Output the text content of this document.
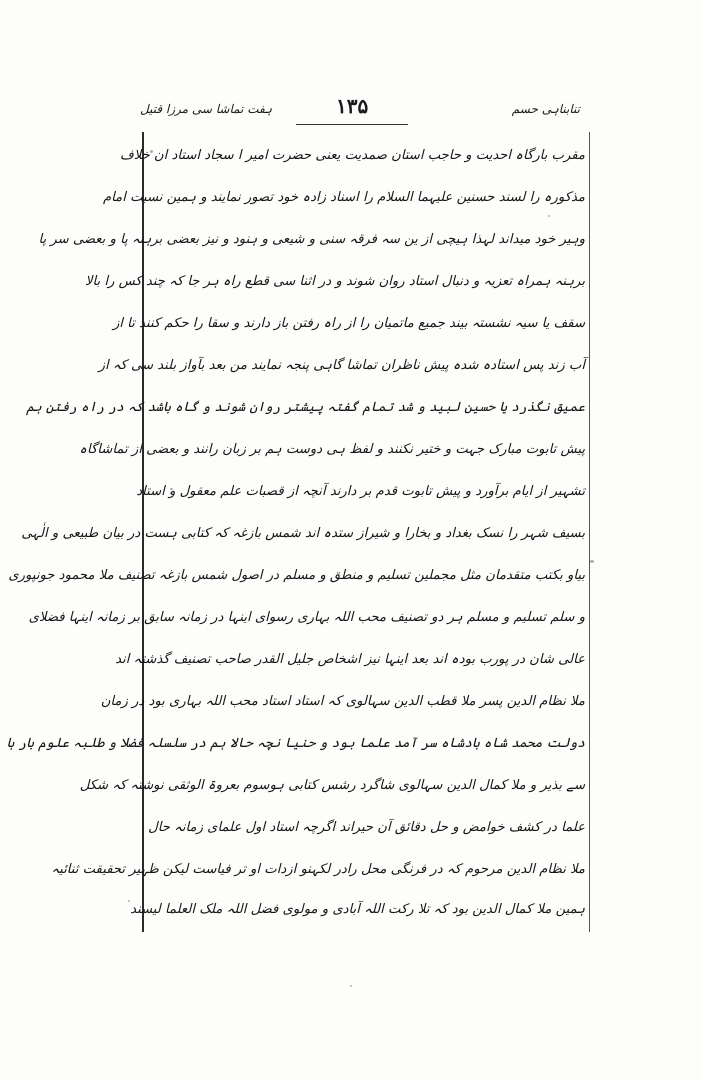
تنابناہی حسم
۱۳۵
ہفت تماشا سی مرزا قتیل
مقرب بارگاہ احدیت و حاجب استان صمدیت یعنی حضرت امیر ا سجاد استاد ان خلاف
مذکورہ را لسند حسنین علیہما السلام را اسناد زادہ خود تصور نمایند و ہمین نسبت امام
وہیر خود میداند لہذا ہیچی از ین سہ فرقہ سنی و شیعی و ہنود و نیز بعضی برہنہ پا و بعضی سر پا
برہنہ ہمراہ تعزیہ و دنبال استاد روان شوند و در اثنا سی قطع راہ ہر جا کہ چند کس را بالا
سقف یا سیہ نشستہ بیند جمیع ماتمیان را از راہ رفتن باز دارند و سقا را حکم کنند تا از
آب زند پس استادہ شدہ پیش ناظران تماشا گاہی پنجہ نمایند من بعد بآواز بلند سی کہ از
عمیق نگذرد یا حسین لبید و شد تمام گفتہ پیشتر روان شوند و گاہ باشد کہ در راہ رفتن ہم
پیش تابوت مبارک جہت و ختیر نکنند و لفظ ہی دوست ہم بر زبان رانند و بعضی از تماشاگاہ
تشہیر از ایام برآورد و پیش تابوت قدم بر دارند آنچہ از قصبات علم معقول و استاد
بسیف شہر را نسک بغداد و بخارا و شیراز ستدہ اند شمس بازغہ کہ کتابی ہست در بیان طبیعی و الٰہی
بیاو بکتب متقدمان مثل مجملین تسلیم و منطق و مسلم در اصول شمس بازغہ تصنیف ملا محمود جونپوری
و سلم تسلیم و مسلم ہر دو تصنیف محب اللہ بہاری رسوای اینہا در زمانہ سابق بر زمانہ اینہا فضلای
عالی شان در پورب بودہ اند بعد اینہا نیز اشخاص جلیل القدر صاحب تصنیف گذشتہ اند
ملا نظام الدین پسر ملا قطب الدین سہالوی کہ استاد استاد محب اللہ بہاری بود در زمان
دولت محمد شاہ بادشاہ سر آمد علما بود و حنیا نچہ حالا ہم در سلسلہ فضلا و طلبہ علوم بار ہا
سے بذیر و ملا کمال الدین سہالوی شاگرد رشس کتابی ہوسوم بعروۃ الوثقی نوشتہ کہ شکل
علما در کشف خوامض و حل دقائق آن حیراند اگرچہ استاد اول علمای زمانہ حال
ملا نظام الدین مرحوم کہ در فرنگی محل رادر لکہنو ازدات او تر فیاست لیکن ظہیر تحقیقت ثنائیہ
ہمین ملا کمال الدین بود کہ تلا رکت اللہ آبادی و مولوی فضل اللہ ملک العلما لیسند
